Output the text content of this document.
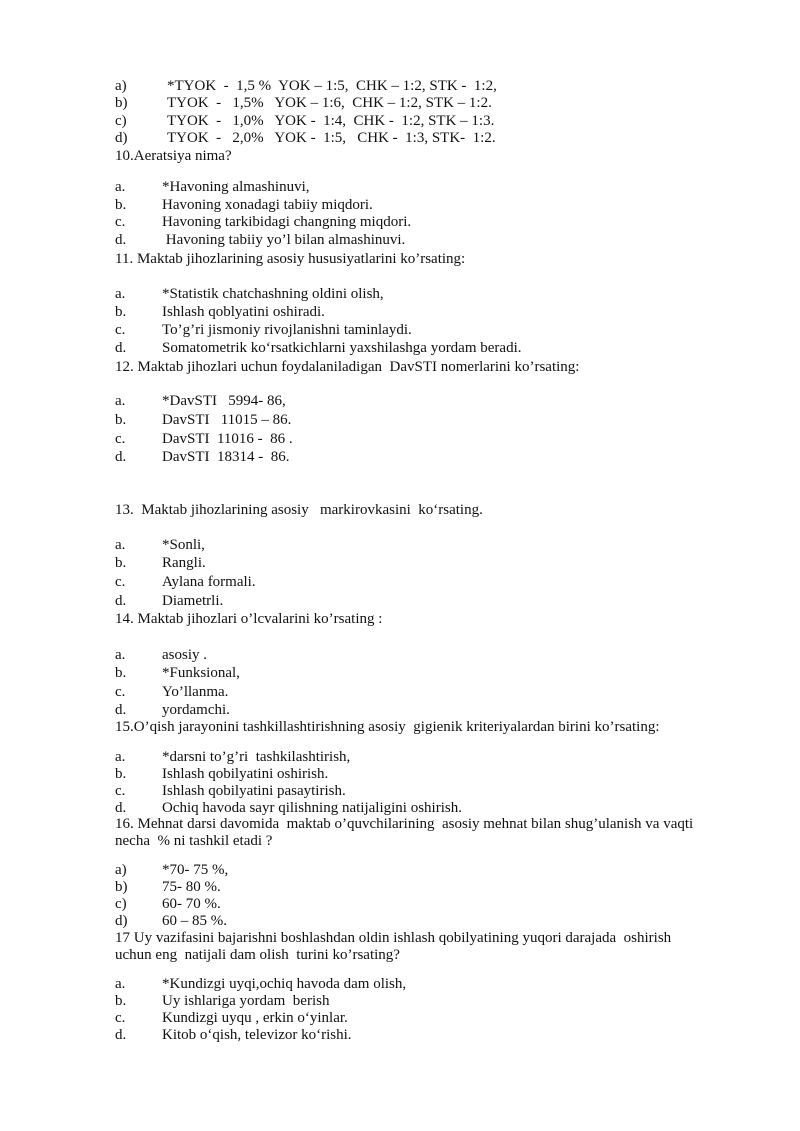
a)

	*TYOK  -  1,5 %  YOK – 1:5,  CHK – 1:2, STK -  1:2,

b)

	TYOK  -   1,5%   YOK – 1:6,  CHK – 1:2, STK – 1:2.

c)

	TYOK  -   1,0%   YOK -  1:4,  CHK -  1:2, STK – 1:3.

d)

	TYOK  -   2,0%   YOK -  1:5,   CHK -  1:3, STK-  1:2.

10.Aeratsiya nima?

a.

*Havoning almashinuvi,

b.

Havoning xonadagi tabiiy miqdori.

c.

Havoning tarkibidagi changning miqdori.

d.

Havoning tabiiy yo’l bilan almashinuvi.

11. Maktab jihozlarining asosiy hususiyatlarini ko’rsating:

a.

*Statistik chatchashning oldini olish,

b.

Ishlash qoblyatini oshiradi.

c.

To’g’ri jismoniy rivojlanishni taminlaydi.

d.

Somatometrik ko‘rsatkichlarni yaxshilashga yordam beradi.

12. Maktab jihozlari uchun foydalaniladigan  DavSTI nomerlarini ko’rsating:

a.

*DavSTI   5994- 86,

b.

DavSTI   11015 – 86.

c.

DavSTI  11016 -  86 .

d.

DavSTI  18314 -  86.

13.  Maktab jihozlarining asosiy   markirovkasini  ko‘rsating.

a.

*Sonli,

b.

Rangli.

c.

Aylana formali.

d.

Diametrli.

14. Maktab jihozlari o’lcvalarini ko’rsating :

a.

asosiy .

b.

*Funksional,

c.

Yo’llanma.

d.

yordamchi.

15.O’qish jarayonini tashkillashtirishning asosiy  gigienik kriteriyalardan birini ko’rsating:

a.

*darsni to’g’ri  tashkilashtirish,

b.

Ishlash qobilyatini oshirish.

c.

Ishlash qobilyatini pasaytirish.

d.

Ochiq havoda sayr qilishning natijaligini oshirish.

16. Mehnat darsi davomida  maktab o’quvchilarining  asosiy mehnat bilan shug’ulanish va vaqti
necha  % ni tashkil etadi ?

a)

*70- 75 %,

b)

75- 80 %.

c)

60- 70 %.

d)

60 – 85 %.

17 Uy vazifasini bajarishni boshlashdan oldin ishlash qobilyatining yuqori darajada  oshirish
uchun eng  natijali dam olish  turini ko’rsating?

a.

*Kundizgi uyqi,ochiq havoda dam olish,

b.

Uy ishlariga yordam  berish

c.

Kundizgi uyqu , erkin o‘yinlar.

d.

Kitob o‘qish, televizor ko‘rishi.
